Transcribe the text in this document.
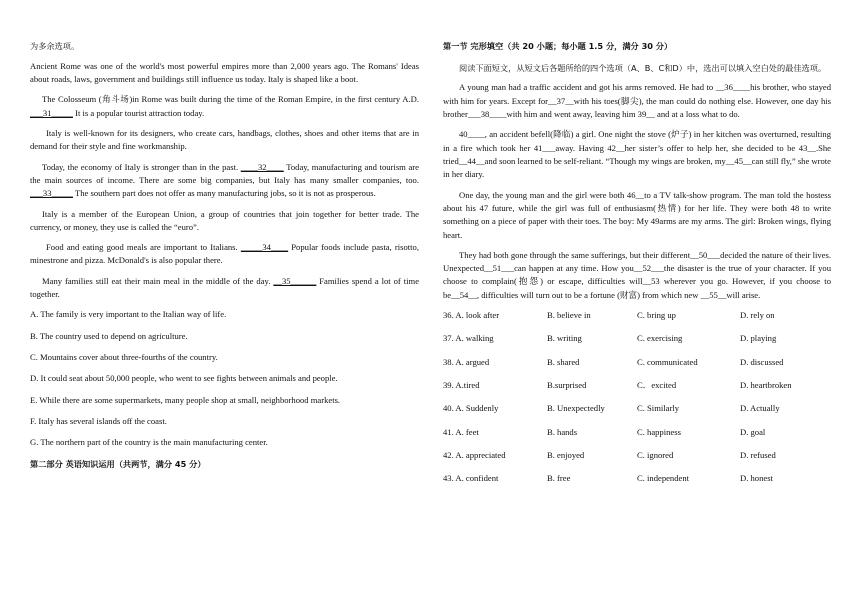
为多余选项。

Ancient Rome was one of the world's most powerful empires more than 2,000 years ago. The Romans' Ideas about roads, laws, government and buildings still influence us today. Italy is shaped like a boot.

The Colosseum (角斗场)in Rome was built during the time of the Roman Empire, in the first century A.D. ___31_____ It is a popular tourist attraction today.

Italy is well-known for its designers, who create cars, handbags, clothes, shoes and other items that are in demand for their style and fine workmanship.

Today, the economy of Italy is stronger than in the past. ____32____ Today, manufacturing and tourism are the main sources of income. There are some big companies, but Italy has many smaller companies, too. ___33_____ The southern part does not offer as many manufacturing jobs, so it is not as prosperous.

Italy is a member of the European Union, a group of countries that join together for better trade. The currency, or money, they use is called the “euro”.

Food and eating good meals are important to Italians. _____34____ Popular foods include pasta, risotto, minestrone and pizza. McDonald's is also popular there.

Many families still eat their main meal in the middle of the day. __35______ Families spend a lot of time together.

A. The family is very important to the Italian way of life.

B. The country used to depend on agriculture.

C. Mountains cover about three-fourths of the country.

D. It could seat about 50,000 people, who went to see fights between animals and people.

E. While there are some supermarkets, many people shop at small, neighborhood markets.

F. Italy has several islands off the coast.

G. The northern part of the country is the main manufacturing center.

第二部分 英语知识运用（共两节，满分 45 分）

第一节 完形填空（共 20 小题；每小题 1.5 分，满分 30 分）

阅读下面短文，从短文后各题所给的四个选项（A、B、C和D）中，选出可以填入空白处的最佳选项。

A young man had a traffic accident and got his arms removed. He had to __36____his brother, who stayed with him for years. Except for__37__with his toes(脚尖), the man could do nothing else. However, one day his brother___38____with him and went away, leaving him 39__ and at a loss what to do.

40____, an accident befell(降临) a girl. One night the stove (炉子) in her kitchen was overturned, resulting in a fire which took her 41___away. Having 42__her sister’s offer to help her, she decided to be 43__.She tried__44__and soon learned to be self-reliant. “Though my wings are broken, my__45__can still fly,” she wrote in her diary.

One day, the young man and the girl were both 46__to a TV talk-show program. The man told the hostess about his 47 future, while the girl was full of enthusiasm(热情) for her life. They were both 48 to write something on a piece of paper with their toes. The boy: My 49arms are my arms. The girl: Broken wings, flying heart.

They had both gone through the same sufferings, but their different__50___decided the nature of their lives. Unexpected__51___can happen at any time. How you__52___the disaster is the true of your character. If you choose to complain(抱怨) or escape, difficulties will__53 wherever you go. However, if you choose to be__54__, difficulties will turn out to be a fortune (财富) from which new __55__will arise.

36. A. look after	B. believe in	C. bring up	D. rely on
37. A. walking	B. writing	C. exercising	D. playing
38. A. argued	B. shared	C. communicated	D. discussed
39. A.tired	B.surprised	C．excited	D. heartbroken
40. A. Suddenly	B. Unexpectedly	C. Similarly	D. Actually
41. A. feet	B. hands	C. happiness	D. goal
42. A. appreciated	B. enjoyed	C. ignored	D. refused
43. A. confident	B. free	C. independent	D. honest
